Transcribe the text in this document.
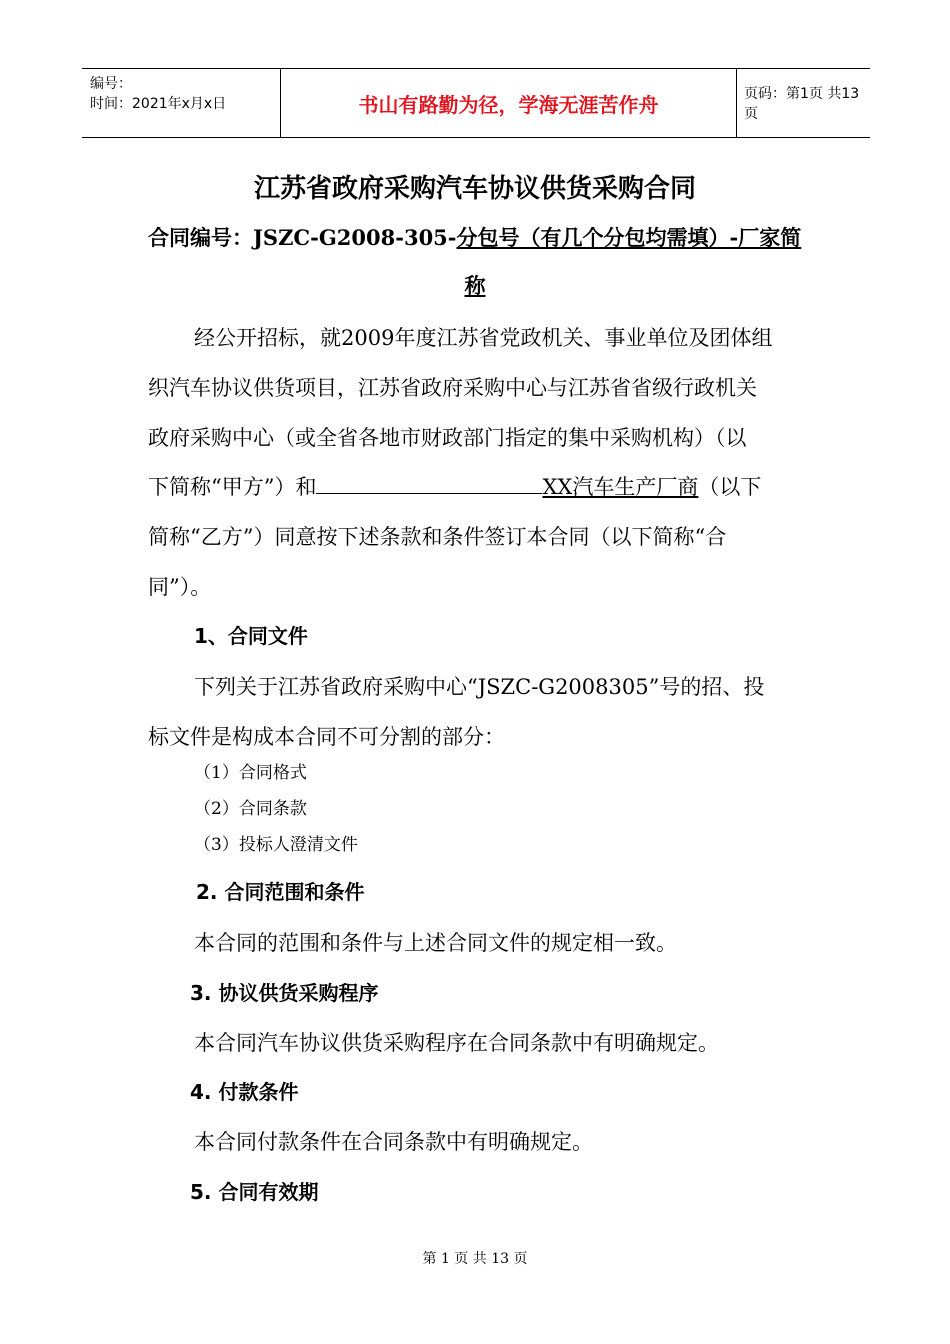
编号：
时间：2021年x月x日	书山有路勤为径，学海无涯苦作舟	页码：第1页 共13页
江苏省政府采购汽车协议供货采购合同
合同编号：JSZC-G2008-305-分包号（有几个分包均需填）-厂家简
称
经公开招标，就2009年度江苏省党政机关、事业单位及团体组
织汽车协议供货项目，江苏省政府采购中心与江苏省省级行政机关
政府采购中心（或全省各地市财政部门指定的集中采购机构）（以
下简称“甲方”）和	XX汽车生产厂商（以下
简称“乙方”）同意按下述条款和条件签订本合同（以下简称“合
同”）。
1、合同文件
下列关于江苏省政府采购中心“JSZC-G2008305”号的招、投
标文件是构成本合同不可分割的部分：
（1）合同格式
（2）合同条款
（3）投标人澄清文件
2. 合同范围和条件
本合同的范围和条件与上述合同文件的规定相一致。
3. 协议供货采购程序
本合同汽车协议供货采购程序在合同条款中有明确规定。
4. 付款条件
本合同付款条件在合同条款中有明确规定。
5. 合同有效期
第 1 页 共 13 页
